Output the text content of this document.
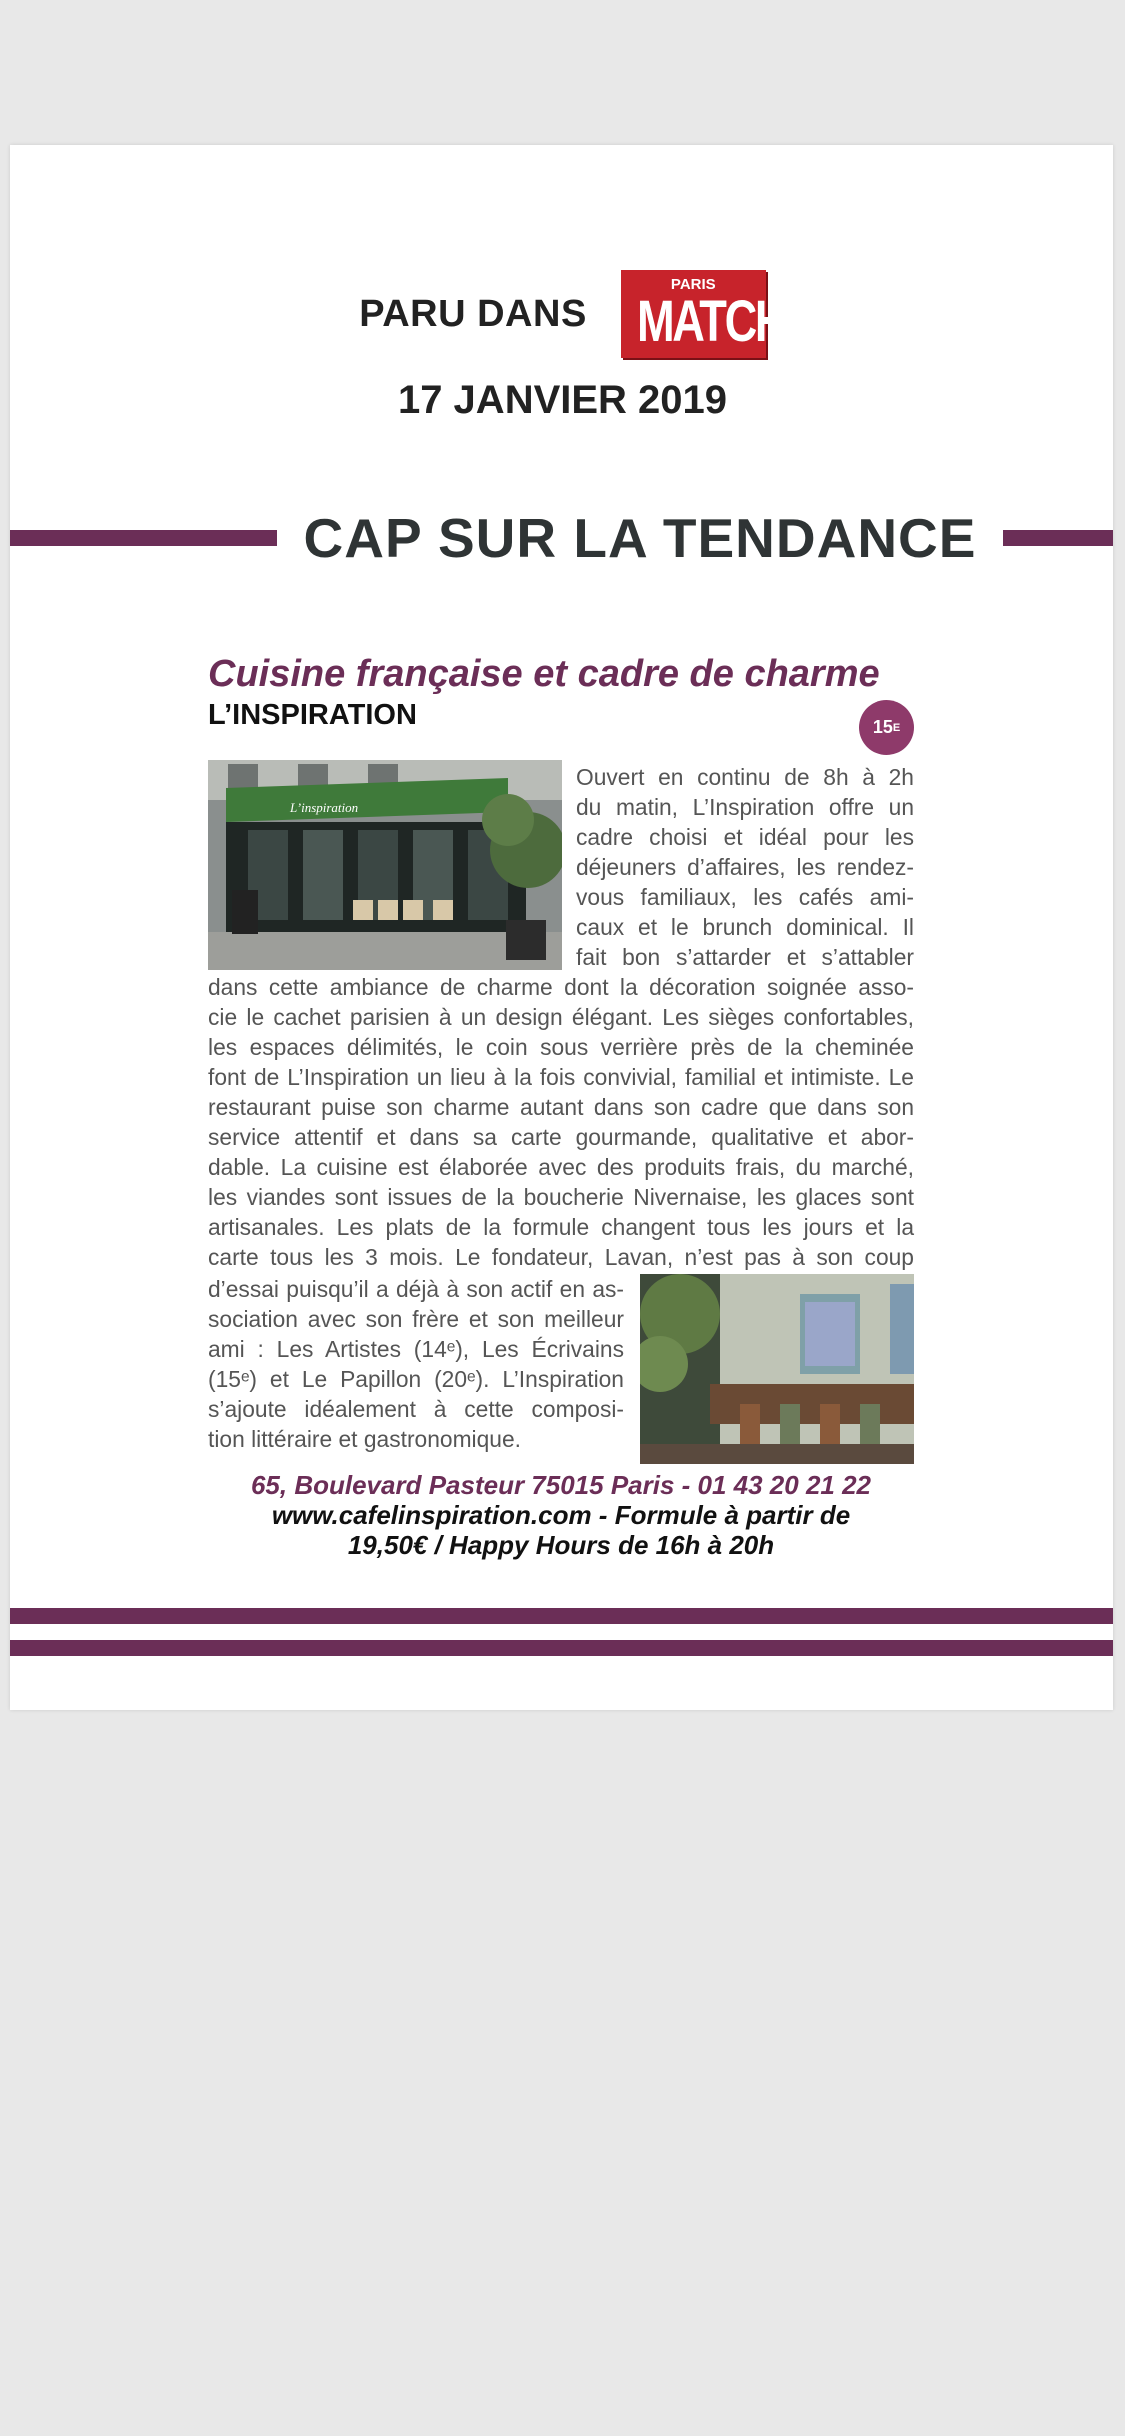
PARU DANS
PARIS
MATCH
17 JANVIER 2019
CAP SUR LA TENDANCE
Cuisine française et cadre de charme
L’INSPIRATION	15 E
L’inspiration
Ouvert en continu de 8h à 2h
du matin, L’Inspiration offre un
cadre choisi et idéal pour les
déjeuners d’affaires, les rendez-
vous familiaux, les cafés ami-
caux et le brunch dominical. Il
fait bon s’attarder et s’attabler
dans cette ambiance de charme dont la décoration soignée asso-
cie le cachet parisien à un design élégant. Les sièges confortables,
les espaces délimités, le coin sous verrière près de la cheminée
font de L’Inspiration un lieu à la fois convivial, familial et intimiste. Le
restaurant puise son charme autant dans son cadre que dans son
service attentif et dans sa carte gourmande, qualitative et abor-
dable. La cuisine est élaborée avec des produits frais, du marché,
les viandes sont issues de la boucherie Nivernaise, les glaces sont
artisanales. Les plats de la formule changent tous les jours et la
carte tous les 3 mois. Le fondateur, Lavan, n’est pas à son coup
d’essai puisqu’il a déjà à son actif en as-
sociation avec son frère et son meilleur
ami : Les Artistes (14ᵉ), Les Écrivains
(15ᵉ) et Le Papillon (20ᵉ). L’Inspiration
s’ajoute idéalement à cette composi-
tion littéraire et gastronomique.
65, Boulevard Pasteur 75015 Paris - 01 43 20 21 22
www.cafelinspiration.com - Formule à partir de
19,50€ / Happy Hours de 16h à 20h
